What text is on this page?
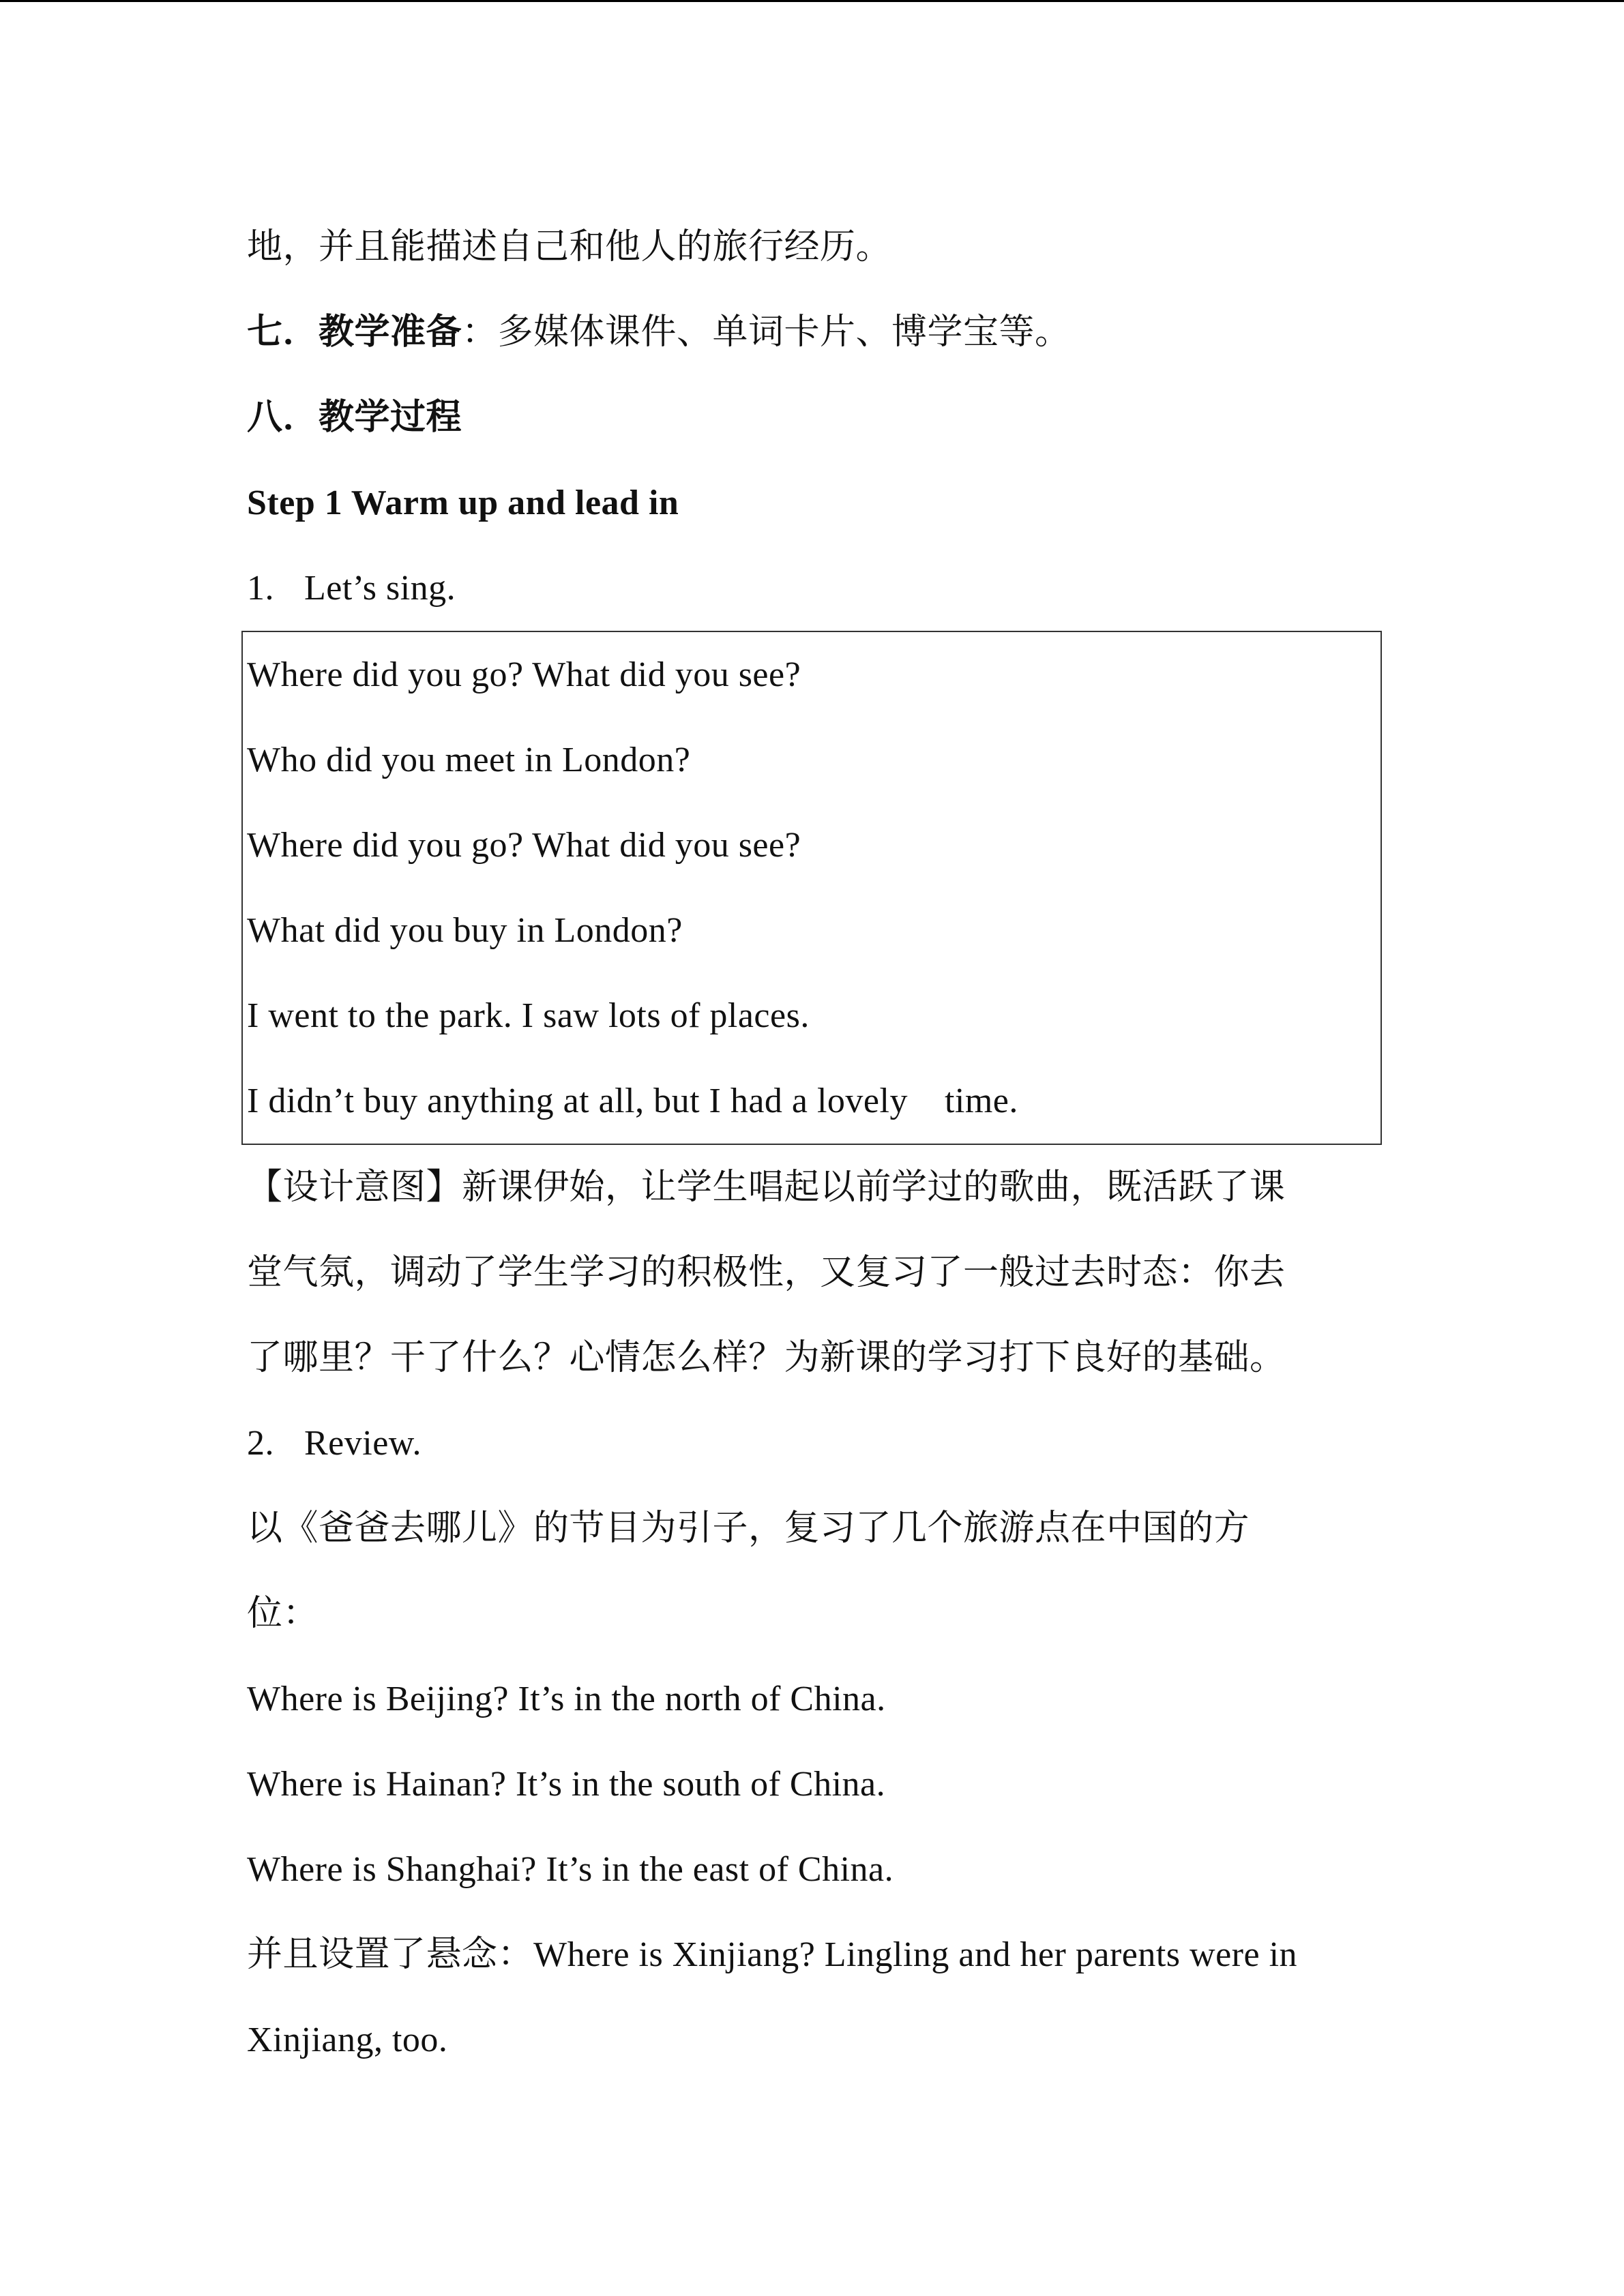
地，并且能描述自己和他人的旅行经历。
七．教学准备：多媒体课件、单词卡片、博学宝等。
八．教学过程
Step 1 Warm up and lead in
1. Let’s sing.
Where did you go? What did you see?
Who did you meet in London?
Where did you go? What did you see?
What did you buy in London?
I went to the park. I saw lots of places.
I didn’t buy anything at all, but I had a lovely    time.
【设计意图】新课伊始，让学生唱起以前学过的歌曲，既活跃了课
堂气氛，调动了学生学习的积极性，又复习了一般过去时态：你去
了哪里？干了什么？心情怎么样？为新课的学习打下良好的基础。
2. Review.
以《爸爸去哪儿》的节目为引子，复习了几个旅游点在中国的方
位：
Where is Beijing? It’s in the north of China.
Where is Hainan? It’s in the south of China.
Where is Shanghai? It’s in the east of China.
并且设置了悬念：Where is Xinjiang? Lingling and her parents were in
Xinjiang, too.
